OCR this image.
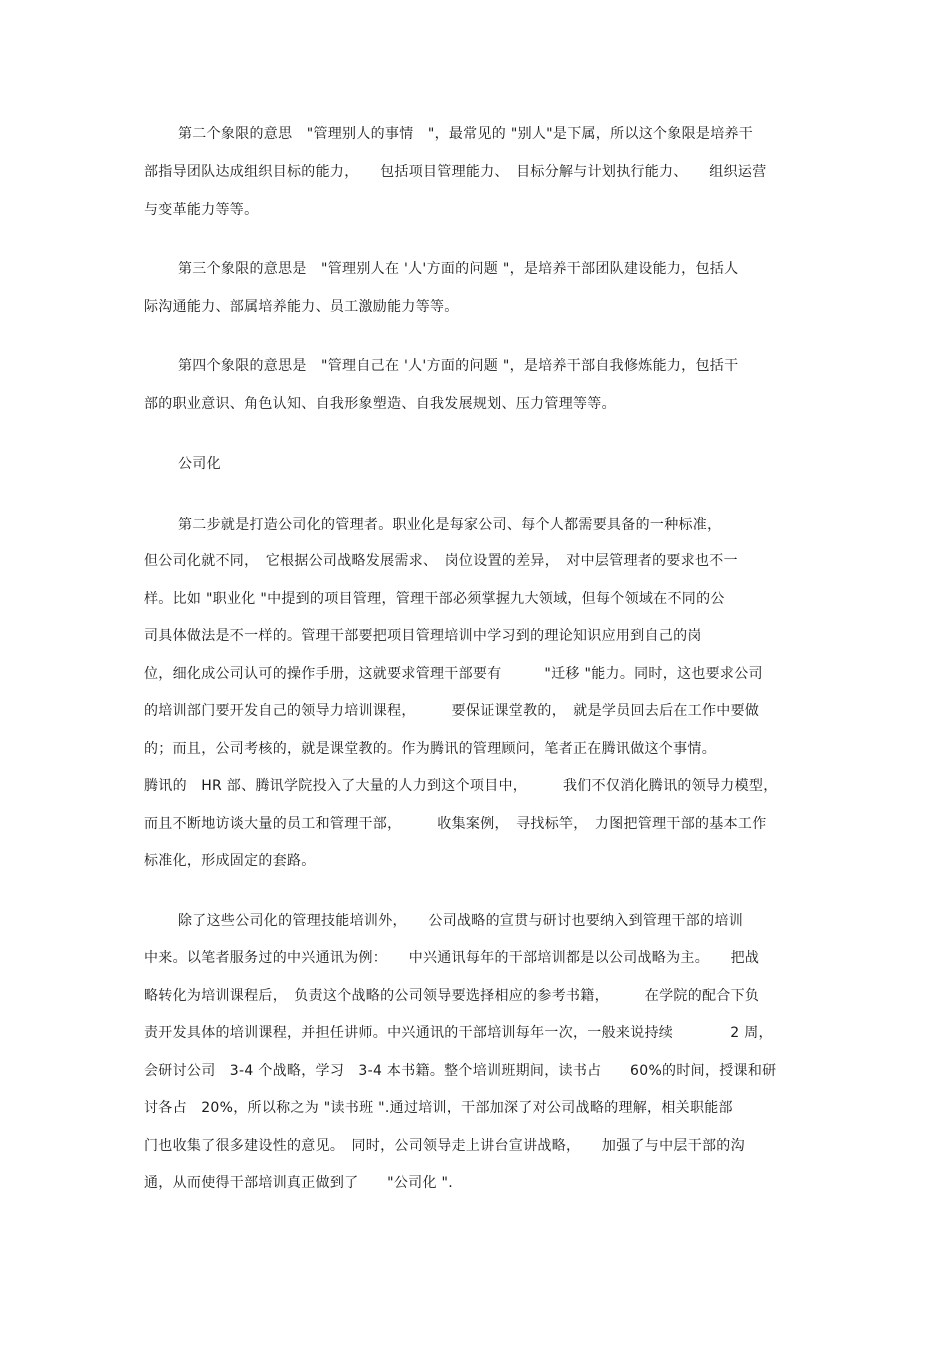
第二个象限的意思　"管理别人的事情　"，最常见的 "别人"是下属，所以这个象限是培养干
部指导团队达成组织目标的能力，　　包括项目管理能力、　目标分解与计划执行能力、　　组织运营
与变革能力等等。
第三个象限的意思是　"管理别人在 '人'方面的问题 "，是培养干部团队建设能力，包括人
际沟通能力、部属培养能力、员工激励能力等等。
第四个象限的意思是　"管理自己在 '人'方面的问题 "，是培养干部自我修炼能力，包括干
部的职业意识、角色认知、自我形象塑造、自我发展规划、压力管理等等。
公司化
第二步就是打造公司化的管理者。职业化是每家公司、每个人都需要具备的一种标准，
但公司化就不同，　它根据公司战略发展需求、　岗位设置的差异，　对中层管理者的要求也不一
样。比如 "职业化 "中提到的项目管理，管理干部必须掌握九大领域，但每个领域在不同的公
司具体做法是不一样的。管理干部要把项目管理培训中学习到的理论知识应用到自己的岗
位，细化成公司认可的操作手册，这就要求管理干部要有　　　"迁移 "能力。同时，这也要求公司
的培训部门要开发自己的领导力培训课程，　　　要保证课堂教的，　就是学员回去后在工作中要做
的；而且，公司考核的，就是课堂教的。作为腾讯的管理顾问，笔者正在腾讯做这个事情。
腾讯的　HR 部、腾讯学院投入了大量的人力到这个项目中，　　　我们不仅消化腾讯的领导力模型，
而且不断地访谈大量的员工和管理干部，　　　收集案例，　寻找标竿，　力图把管理干部的基本工作
标准化，形成固定的套路。
除了这些公司化的管理技能培训外，　　公司战略的宣贯与研讨也要纳入到管理干部的培训
中来。以笔者服务过的中兴通讯为例：　　中兴通讯每年的干部培训都是以公司战略为主。　　把战
略转化为培训课程后，　负责这个战略的公司领导要选择相应的参考书籍，　　　在学院的配合下负
责开发具体的培训课程，并担任讲师。中兴通讯的干部培训每年一次，一般来说持续　　　　2 周，
会研讨公司　3-4 个战略，学习　3-4 本书籍。整个培训班期间，读书占　　60%的时间，授课和研
讨各占　20%，所以称之为 "读书班 ".通过培训，干部加深了对公司战略的理解，相关职能部
门也收集了很多建设性的意见。　同时，公司领导走上讲台宣讲战略，　　加强了与中层干部的沟
通，从而使得干部培训真正做到了　　"公司化 ".
